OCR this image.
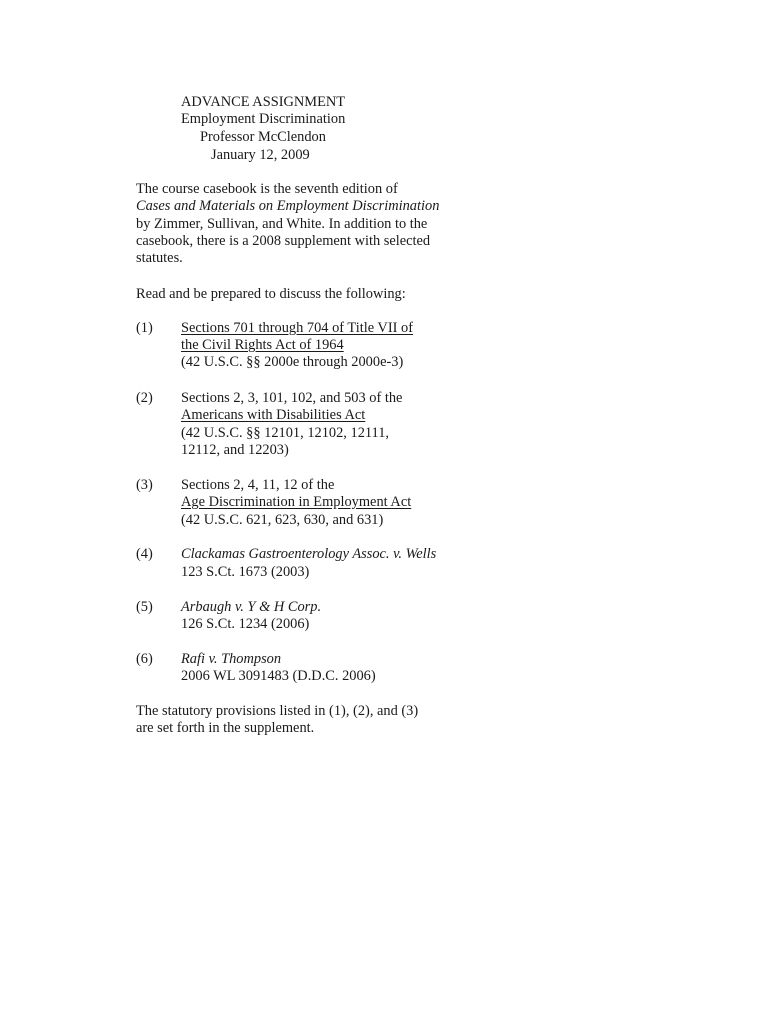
ADVANCE ASSIGNMENT
Employment Discrimination
Professor McClendon
January 12, 2009
The course casebook is the seventh edition of
Cases and Materials on Employment Discrimination
by Zimmer, Sullivan, and White. In addition to the
casebook, there is a 2008 supplement with selected
statutes.
Read and be prepared to discuss the following:
(1) Sections 701 through 704 of Title VII of
the Civil Rights Act of 1964
(42 U.S.C. §§ 2000e through 2000e-3)
(2) Sections 2, 3, 101, 102, and 503 of the
Americans with Disabilities Act
(42 U.S.C. §§ 12101, 12102, 12111,
12112, and 12203)
(3) Sections 2, 4, 11, 12 of the
Age Discrimination in Employment Act
(42 U.S.C. 621, 623, 630, and 631)
(4) Clackamas Gastroenterology Assoc. v. Wells
123 S.Ct. 1673 (2003)
(5) Arbaugh v. Y & H Corp.
126 S.Ct. 1234 (2006)
(6) Rafi v. Thompson
2006 WL 3091483 (D.D.C. 2006)
The statutory provisions listed in (1), (2), and (3)
are set forth in the supplement.
